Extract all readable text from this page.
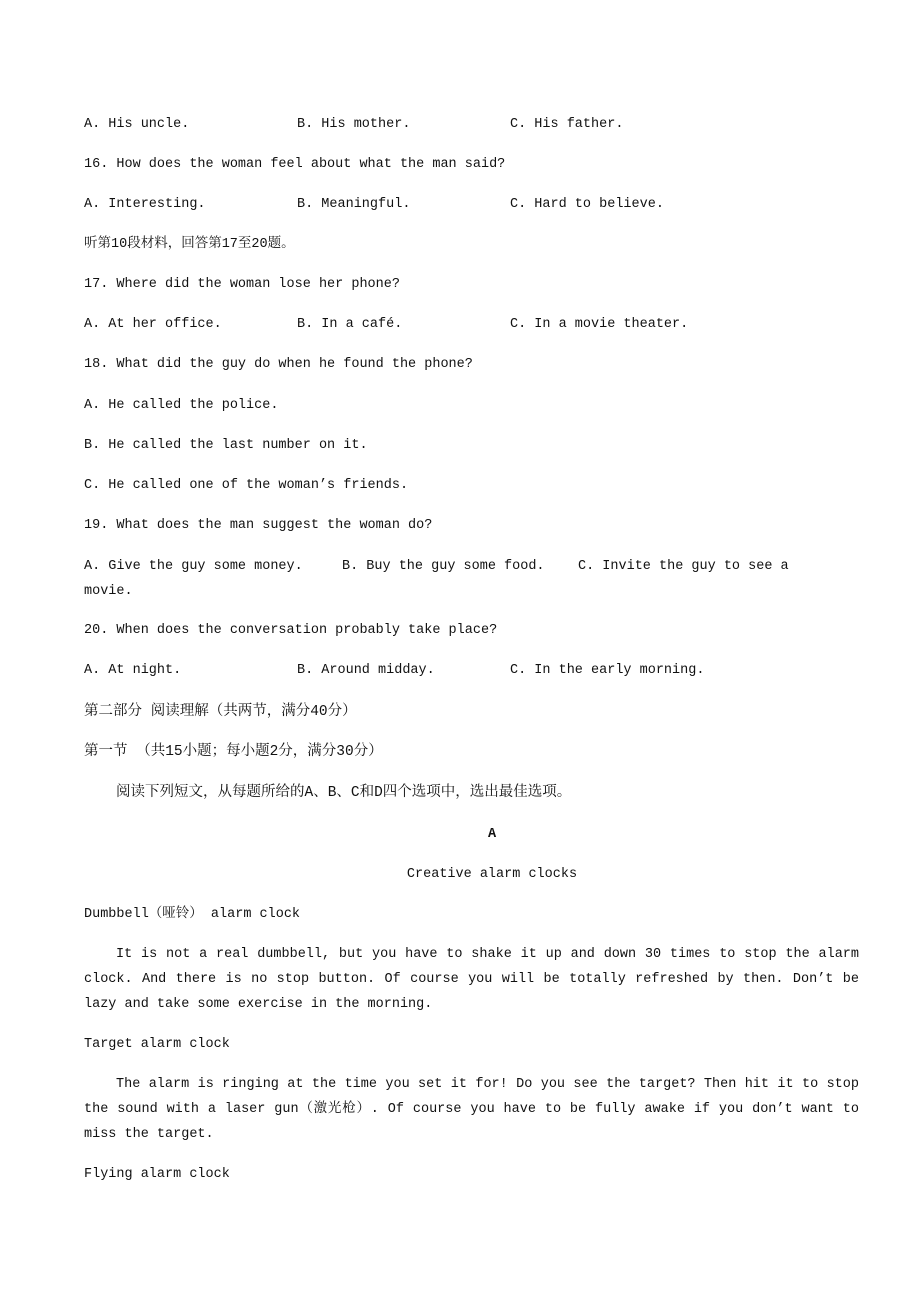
A. His uncle.	B. His mother.	C. His father.
16. How does the woman feel about what the man said?
A. Interesting.	B. Meaningful.	C. Hard to believe.
听第10段材料，回答第17至20题。
17. Where did the woman lose her phone?
A. At her office.	B. In a café.	C. In a movie theater.
18. What did the guy do when he found the phone?
A. He called the police.
B. He called the last number on it.
C. He called one of the woman’s friends.
19. What does the man suggest the woman do?
A. Give the guy some money.	B. Buy the guy some food. C. Invite the guy to see a
movie.
20. When does the conversation probably take place?
A. At night.	B. Around midday.	C. In the early morning.
第二部分 阅读理解（共两节，满分40分）
第一节 （共15小题；每小题2分，满分30分）
阅读下列短文，从每题所给的A、B、C和D四个选项中，选出最佳选项。
A
Creative alarm clocks
Dumbbell（哑铃） alarm clock
It is not a real dumbbell, but you have to shake it up and down 30 times to stop the alarm clock. And there is no stop button. Of course you will be totally refreshed by then. Don’t be lazy and take some exercise in the morning.
Target alarm clock
The alarm is ringing at the time you set it for! Do you see the target? Then hit it to stop the sound with a laser gun（激光枪）. Of course you have to be fully awake if you don’t want to miss the target.
Flying alarm clock
